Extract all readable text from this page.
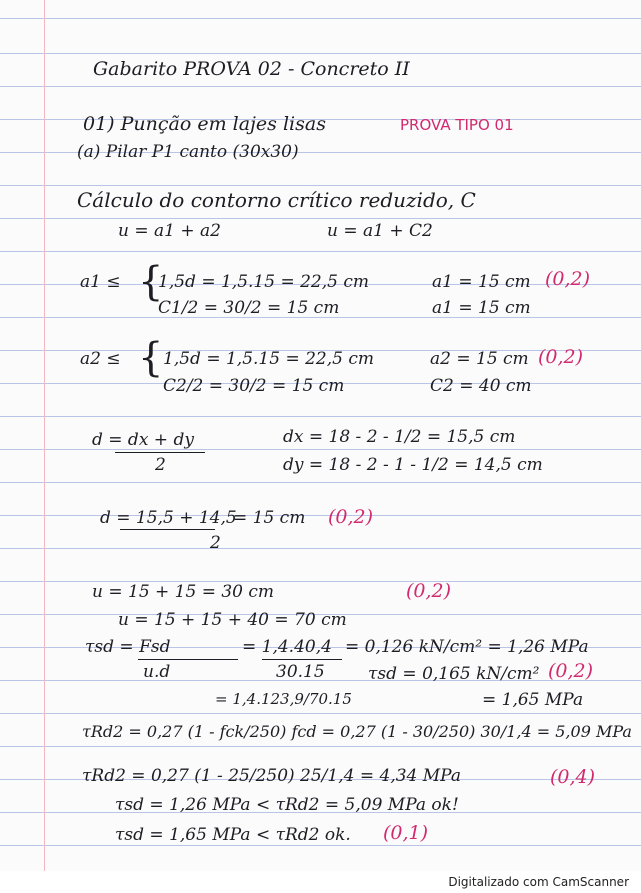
Gabarito PROVA 02 - Concreto II
01) Punção em lajes lisas	PROVA TIPO 01
(a) Pilar P1 canto (30x30)
Cálculo do contorno crítico reduzido, C
u = a1 + a2	u = a1 + C2
a1 ≤ {
1,5d = 1,5.15 = 22,5 cm
C1/2 = 30/2 = 15 cm
a1 = 15 cm
a1 = 15 cm
(0,2)
a2 ≤ { 1,5d = 1,5.15 = 22,5 cm
C2/2 = 30/2 = 15 cm
a2 = 15 cm
C2 = 40 cm
(0,2)
d = dx + dy
2
dx = 18 - 2 - 1/2 = 15,5 cm
dy = 18 - 2 - 1 - 1/2 = 14,5 cm
d = 15,5 + 14,5
2
= 15 cm (0,2)
u = 15 + 15 = 30 cm	(0,2)
u = 15 + 15 + 40 = 70 cm
τsd = Fsd
u.d
= 1,4.40,4
30.15
= 0,126 kN/cm² = 1,26 MPa
τsd = 0,165 kN/cm² (0,2)
= 1,4.123,9/70.15	= 1,65 MPa
τRd2 = 0,27 (1 - fck/250) fcd = 0,27 (1 - 30/250) 30/1,4 = 5,09 MPa
τRd2 = 0,27 (1 - 25/250) 25/1,4 = 4,34 MPa	(0,4)
τsd = 1,26 MPa < τRd2 = 5,09 MPa ok!
τsd = 1,65 MPa < τRd2 ok. (0,1)
Digitalizado com CamScanner
